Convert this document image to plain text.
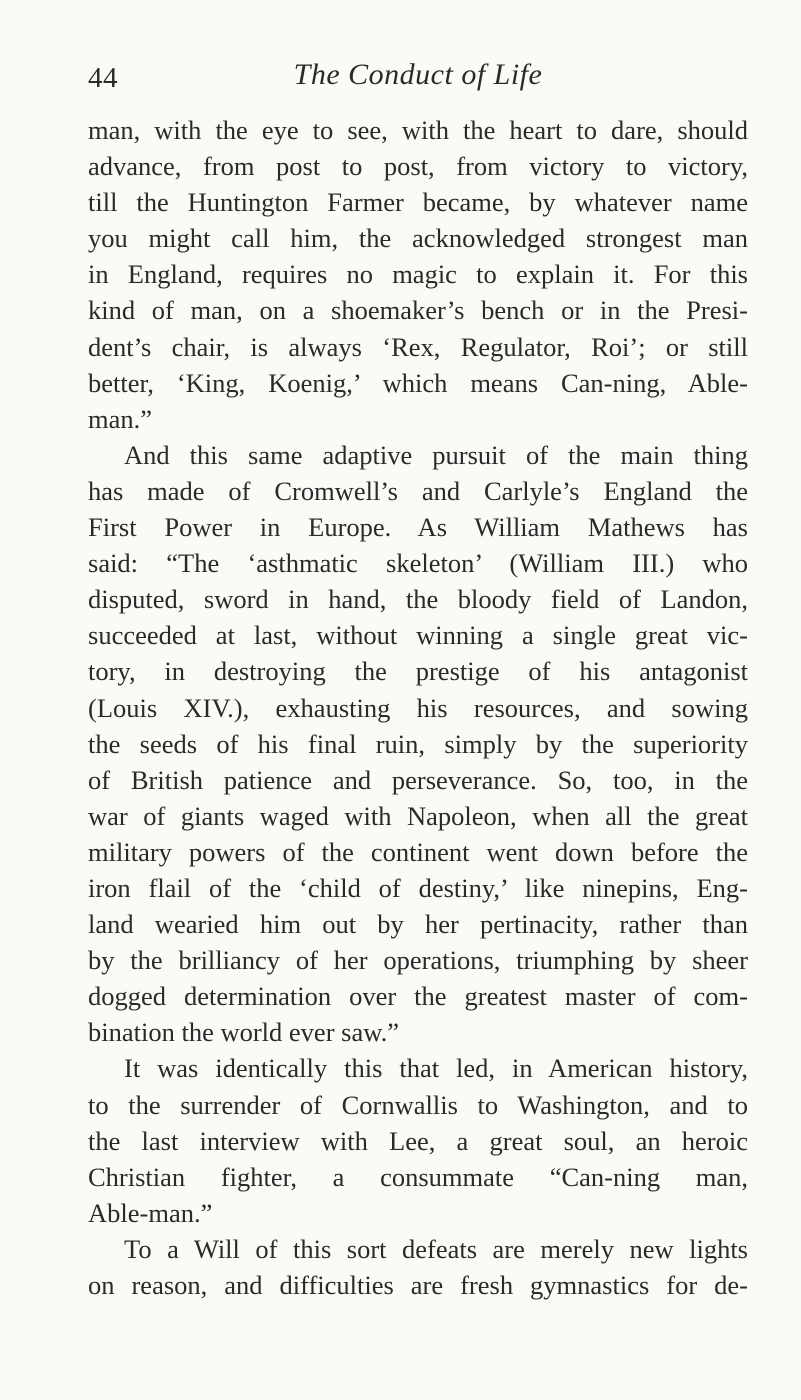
44	The Conduct of Life
man, with the eye to see, with the heart to dare, should
advance, from post to post, from victory to victory,
till the Huntington Farmer became, by whatever name
you might call him, the acknowledged strongest man
in England, requires no magic to explain it. For this
kind of man, on a shoemaker’s bench or in the Presi-
dent’s chair, is always ‘Rex, Regulator, Roi’; or still
better, ‘King, Koenig,’ which means Can-ning, Able-
man.”
And this same adaptive pursuit of the main thing
has made of Cromwell’s and Carlyle’s England the
First Power in Europe. As William Mathews has
said: “The ‘asthmatic skeleton’ (William III.) who
disputed, sword in hand, the bloody field of Landon,
succeeded at last, without winning a single great vic-
tory, in destroying the prestige of his antagonist
(Louis XIV.), exhausting his resources, and sowing
the seeds of his final ruin, simply by the superiority
of British patience and perseverance. So, too, in the
war of giants waged with Napoleon, when all the great
military powers of the continent went down before the
iron flail of the ‘child of destiny,’ like ninepins, Eng-
land wearied him out by her pertinacity, rather than
by the brilliancy of her operations, triumphing by sheer
dogged determination over the greatest master of com-
bination the world ever saw.”
It was identically this that led, in American history,
to the surrender of Cornwallis to Washington, and to
the last interview with Lee, a great soul, an heroic
Christian fighter, a consummate “Can-ning man,
Able-man.”
To a Will of this sort defeats are merely new lights
on reason, and difficulties are fresh gymnastics for de-
